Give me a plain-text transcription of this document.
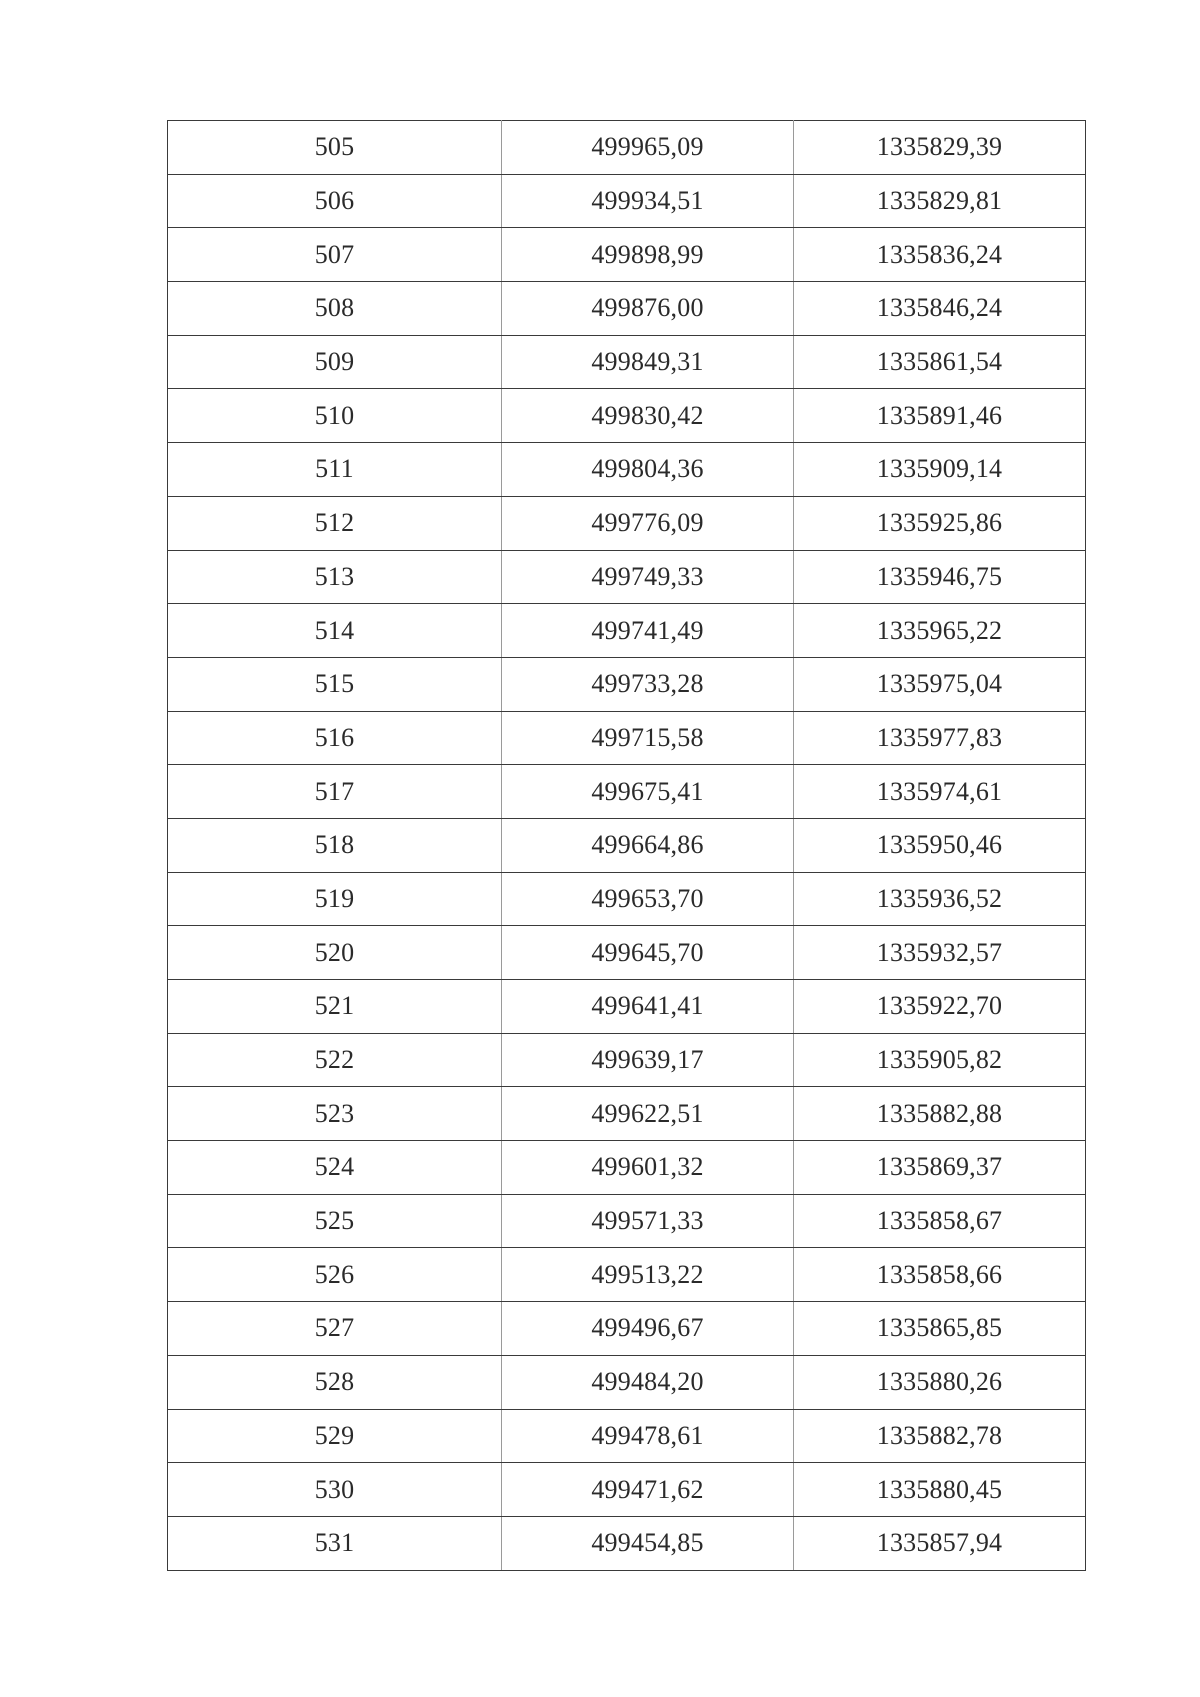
505	499965,09	1335829,39
506	499934,51	1335829,81
507	499898,99	1335836,24
508	499876,00	1335846,24
509	499849,31	1335861,54
510	499830,42	1335891,46
511	499804,36	1335909,14
512	499776,09	1335925,86
513	499749,33	1335946,75
514	499741,49	1335965,22
515	499733,28	1335975,04
516	499715,58	1335977,83
517	499675,41	1335974,61
518	499664,86	1335950,46
519	499653,70	1335936,52
520	499645,70	1335932,57
521	499641,41	1335922,70
522	499639,17	1335905,82
523	499622,51	1335882,88
524	499601,32	1335869,37
525	499571,33	1335858,67
526	499513,22	1335858,66
527	499496,67	1335865,85
528	499484,20	1335880,26
529	499478,61	1335882,78
530	499471,62	1335880,45
531	499454,85	1335857,94
